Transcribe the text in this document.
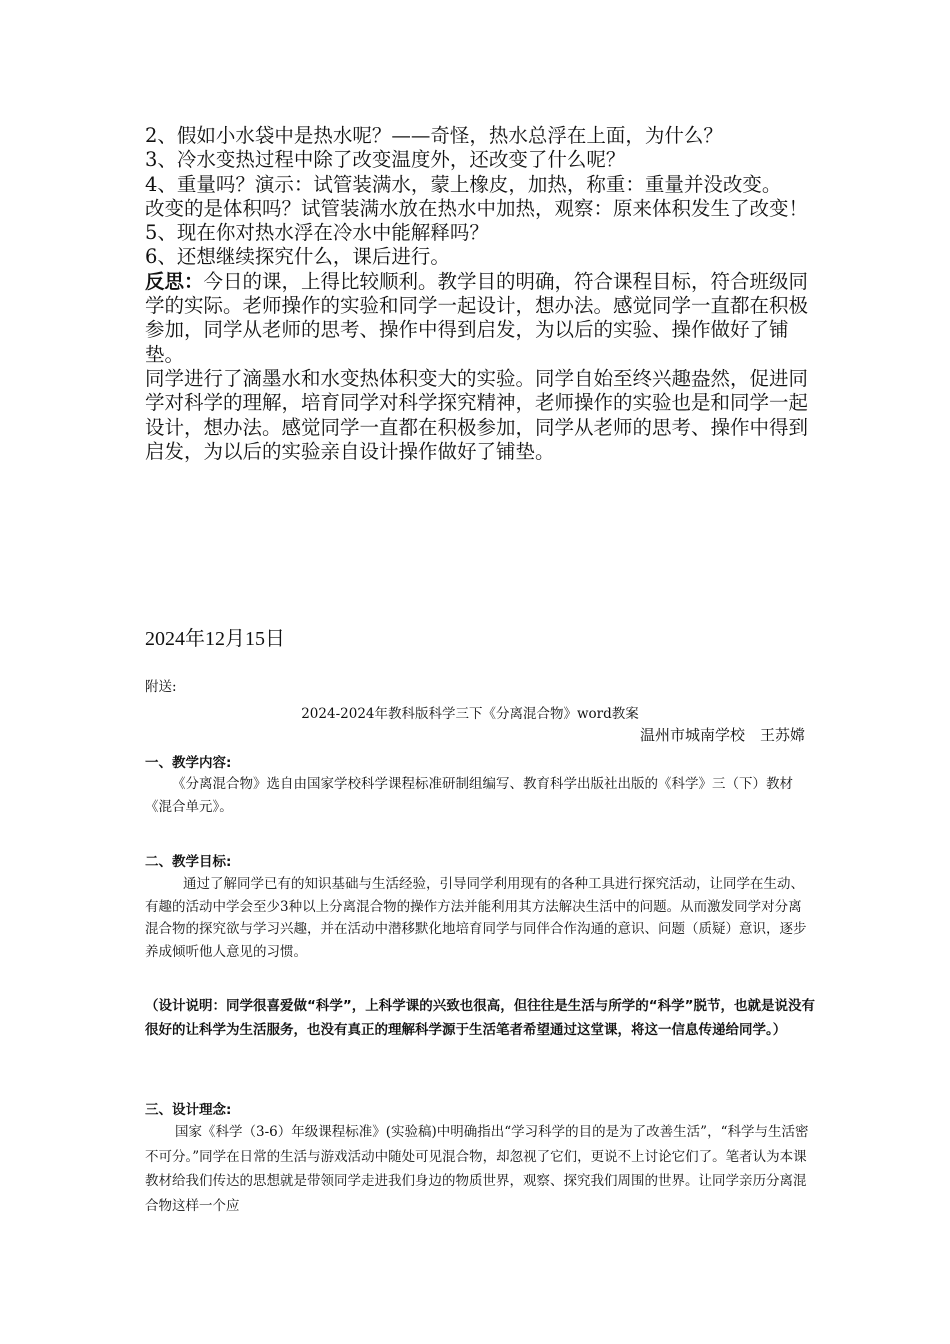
2、假如小水袋中是热水呢？——奇怪，热水总浮在上面，为什么？

3、冷水变热过程中除了改变温度外，还改变了什么呢？

4、重量吗？演示：试管装满水，蒙上橡皮，加热，称重：重量并没改变。

改变的是体积吗？试管装满水放在热水中加热，观察：原来体积发生了改变！

5、现在你对热水浮在冷水中能解释吗？

6、还想继续探究什么，课后进行。

反思：今日的课，上得比较顺利。教学目的明确，符合课程目标，符合班级同学的实际。老师操作的实验和同学一起设计，想办法。感觉同学一直都在积极参加，同学从老师的思考、操作中得到启发，为以后的实验、操作做好了铺垫。

同学进行了滴墨水和水变热体积变大的实验。同学自始至终兴趣盎然，促进同学对科学的理解，培育同学对科学探究精神，老师操作的实验也是和同学一起设计，想办法。感觉同学一直都在积极参加，同学从老师的思考、操作中得到启发，为以后的实验亲自设计操作做好了铺垫。

2024年12月15日
附送:
2024-2024年教科版科学三下《分离混合物》word教案
温州市城南学校　王苏嫦
一、教学内容:

《分离混合物》选自由国家学校科学课程标准研制组编写、教育科学出版社出版的《科学》三（下）教材《混合单元》。

二、教学目标:

通过了解同学已有的知识基础与生活经验，引导同学利用现有的各种工具进行探究活动，让同学在生动、有趣的活动中学会至少3种以上分离混合物的操作方法并能利用其方法解决生活中的问题。从而激发同学对分离混合物的探究欲与学习兴趣，并在活动中潜移默化地培育同学与同伴合作沟通的意识、问题（质疑）意识，逐步养成倾听他人意见的习惯。

（设计说明：同学很喜爱做“科学”，上科学课的兴致也很高，但往往是生活与所学的“科学”脱节，也就是说没有很好的让科学为生活服务，也没有真正的理解科学源于生活笔者希望通过这堂课，将这一信息传递给同学。）

三、设计理念:

国家《科学（3-6）年级课程标准》(实验稿)中明确指出“学习科学的目的是为了改善生活”，“科学与生活密不可分。”同学在日常的生活与游戏活动中随处可见混合物，却忽视了它们，更说不上讨论它们了。笔者认为本课教材给我们传达的思想就是带领同学走进我们身边的物质世界，观察、探究我们周围的世界。让同学亲历分离混合物这样一个应
